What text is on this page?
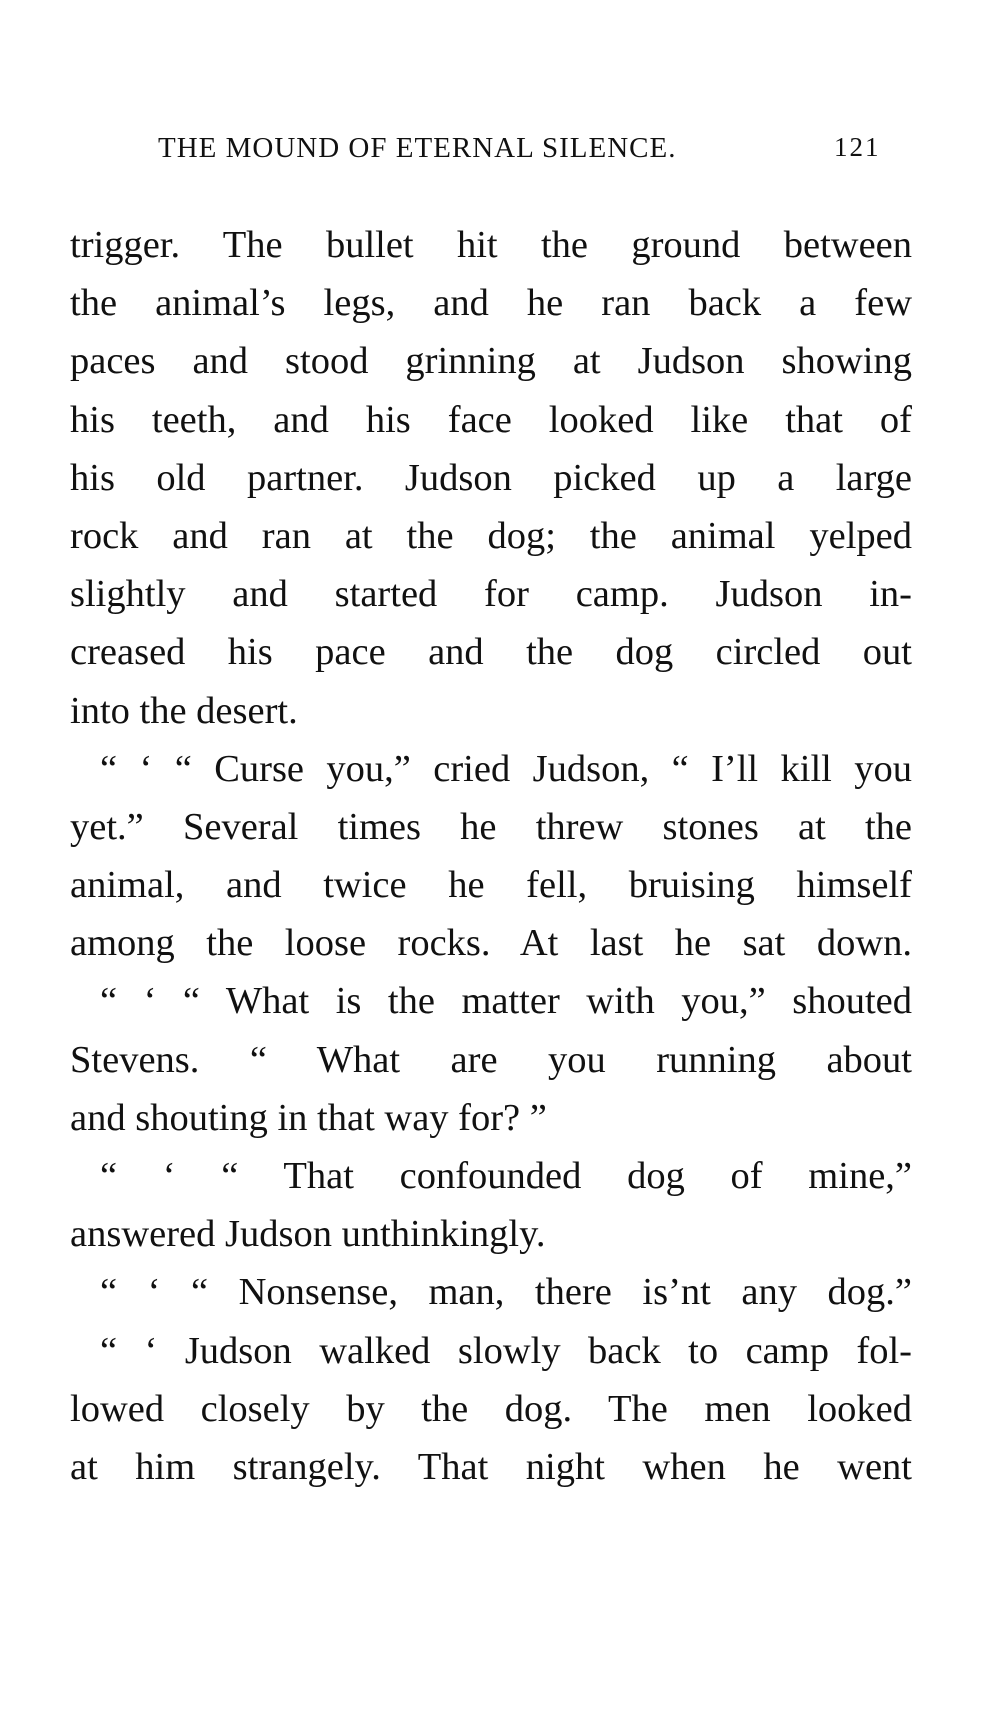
THE MOUND OF ETERNAL SILENCE.	121
trigger. The bullet hit the ground between
the animal’s legs, and he ran back a few
paces and stood grinning at Judson showing
his teeth, and his face looked like that of
his old partner. Judson picked up a large
rock and ran at the dog; the animal yelped
slightly and started for camp. Judson in-
creased his pace and the dog circled out
into the desert.
“ ‘ “ Curse you,” cried Judson, “ I’ll kill you
yet.” Several times he threw stones at the
animal, and twice he fell, bruising himself
among the loose rocks. At last he sat down.
“ ‘ “ What is the matter with you,” shouted
Stevens. “ What are you running about
and shouting in that way for? ”
“ ‘ “ That confounded dog of mine,”
answered Judson unthinkingly.
“ ‘ “ Nonsense, man, there is’nt any dog.”
“ ‘ Judson walked slowly back to camp fol-
lowed closely by the dog. The men looked
at him strangely. That night when he went
